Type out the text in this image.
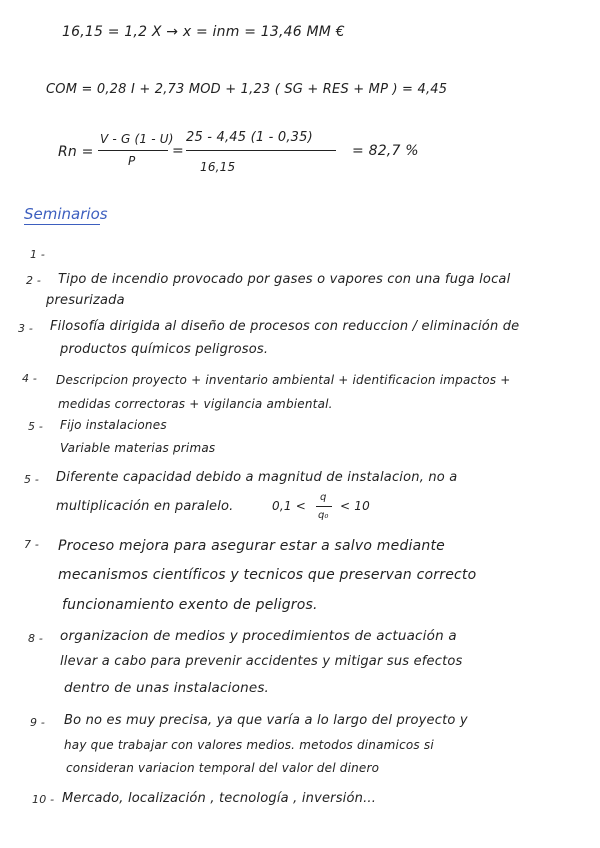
16,15 = 1,2 X → x = inm = 13,46 MM €
COM = 0,28 I + 2,73 MOD + 1,23 ( SG + RES + MP ) = 4,45
Rn =
V - G (1 - U)
P
=
25 - 4,45 (1 - 0,35)
16,15
= 82,7 %
Seminarios
1 -
2 - Tipo de incendio provocado por gases o vapores con una fuga local
presurizada
3 - Filosofía dirigida al diseño de procesos con reduccion / eliminación de
productos químicos peligrosos.
4 - Descripcion proyecto + inventario ambiental + identificacion impactos +
medidas correctoras + vigilancia ambiental.
5 - Fijo instalaciones
Variable materias primas
5 - Diferente capacidad debido a magnitud de instalacion, no a
multiplicación en paralelo.	0,1 <
q
q₀
< 10
7 - Proceso mejora para asegurar estar a salvo mediante
mecanismos científicos y tecnicos que preservan correcto
funcionamiento exento de peligros.
8 - organizacion de medios y procedimientos de actuación a
llevar a cabo para prevenir accidentes y mitigar sus efectos
dentro de unas instalaciones.
9 - Bo no es muy precisa, ya que varía a lo largo del proyecto y
hay que trabajar con valores medios. metodos dinamicos si
consideran variacion temporal del valor del dinero
10 - Mercado, localización , tecnología , inversión...
